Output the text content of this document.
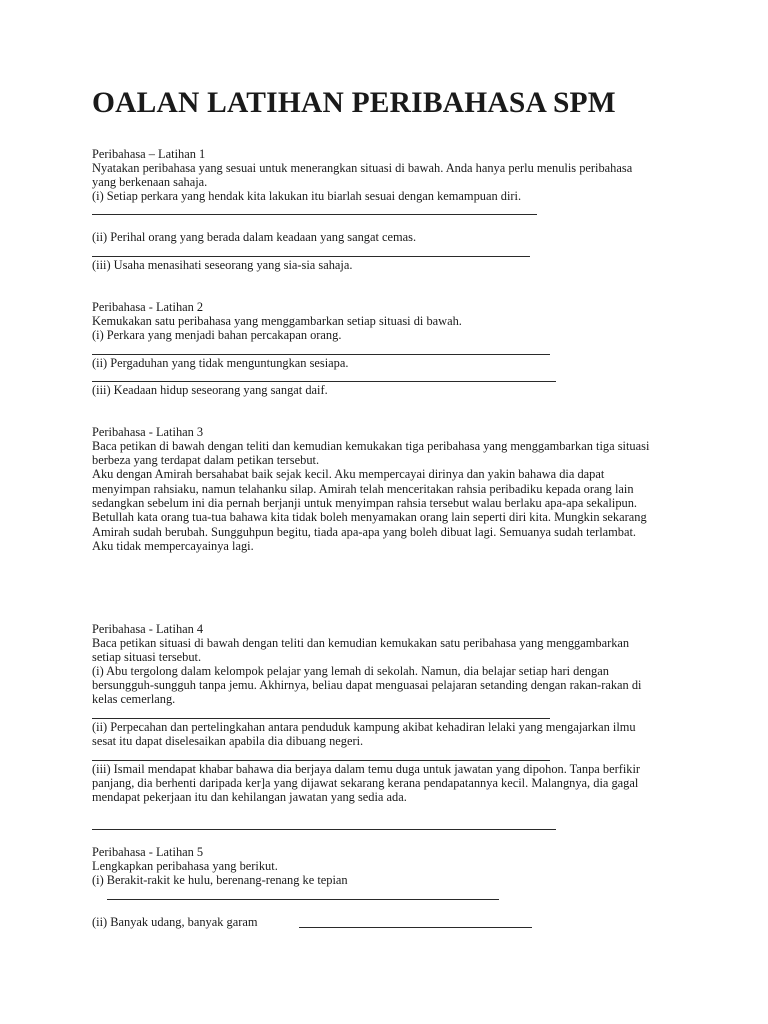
OALAN LATIHAN PERIBAHASA SPM

Peribahasa – Latihan 1

Nyatakan peribahasa yang sesuai untuk menerangkan situasi di bawah. Anda hanya perlu menulis peribahasa

yang berkenaan sahaja.

(i) Setiap perkara yang hendak kita lakukan itu biarlah sesuai dengan kemampuan diri.

(ii) Perihal orang yang berada dalam keadaan yang sangat cemas.

(iii) Usaha menasihati seseorang yang sia-sia sahaja.

Peribahasa - Latihan 2

Kemukakan satu peribahasa yang menggambarkan setiap situasi di bawah.

(i) Perkara yang menjadi bahan percakapan orang.

(ii) Pergaduhan yang tidak menguntungkan sesiapa.

(iii) Keadaan hidup seseorang yang sangat daif.

Peribahasa - Latihan 3

Baca petikan di bawah dengan teliti dan kemudian kemukakan tiga peribahasa yang menggambarkan tiga situasi

berbeza yang terdapat dalam petikan tersebut.

Aku dengan Amirah bersahabat baik sejak kecil. Aku mempercayai dirinya dan yakin bahawa dia dapat

menyimpan rahsiaku, namun telahanku silap. Amirah telah menceritakan rahsia peribadiku kepada orang lain

sedangkan sebelum ini dia pernah berjanji untuk menyimpan rahsia tersebut walau berlaku apa-apa sekalipun.

Betullah kata orang tua-tua bahawa kita tidak boleh menyamakan orang lain seperti diri kita. Mungkin sekarang

Amirah sudah berubah. Sungguhpun begitu, tiada apa-apa yang boleh dibuat lagi. Semuanya sudah terlambat.

Aku tidak mempercayainya lagi.

Peribahasa - Latihan 4

Baca petikan situasi di bawah dengan teliti dan kemudian kemukakan satu peribahasa yang menggambarkan

setiap situasi tersebut.

(i) Abu tergolong dalam kelompok pelajar yang lemah di sekolah. Namun, dia belajar setiap hari dengan

bersungguh-sungguh tanpa jemu. Akhirnya, beliau dapat menguasai pelajaran setanding dengan rakan-rakan di

kelas cemerlang.

(ii) Perpecahan dan pertelingkahan antara penduduk kampung akibat kehadiran lelaki yang mengajarkan ilmu

sesat itu dapat diselesaikan apabila dia dibuang negeri.

(iii) Ismail mendapat khabar bahawa dia berjaya dalam temu duga untuk jawatan yang dipohon. Tanpa berfikir

panjang, dia berhenti daripada ker]a yang dijawat sekarang kerana pendapatannya kecil. Malangnya, dia gagal

mendapat pekerjaan itu dan kehilangan jawatan yang sedia ada.

Peribahasa - Latihan 5

Lengkapkan peribahasa yang berikut.

(i) Berakit-rakit ke hulu, berenang-renang ke tepian

(ii) Banyak udang, banyak garam
